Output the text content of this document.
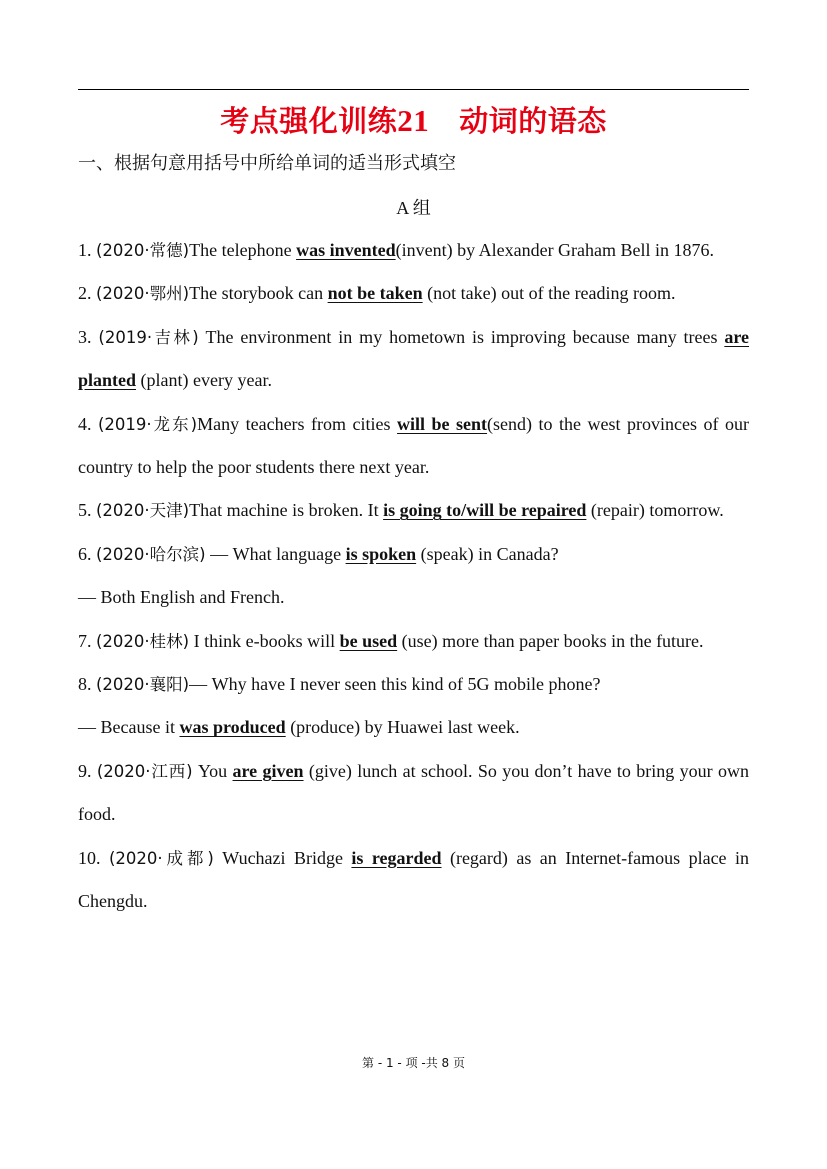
考点强化训练21 动词的语态
一、根据句意用括号中所给单词的适当形式填空
A 组

1. (2020·常德)The telephone was invented(invent) by Alexander Graham Bell in 1876.

2. (2020·鄂州)The storybook can not be taken (not take) out of the reading room.

3. (2019·吉林) The environment in my hometown is improving because many trees are planted (plant) every year.

4. (2019·龙东)Many teachers from cities will be sent(send) to the west provinces of our country to help the poor students there next year.

5. (2020·天津)That machine is broken. It is going to/will be repaired (repair) tomorrow.

6. (2020·哈尔滨) — What language is spoken (speak) in Canada?

— Both English and French.

7. (2020·桂林) I think e-books will be used (use) more than paper books in the future.

8. (2020·襄阳)— Why have I never seen this kind of 5G mobile phone?

— Because it was produced (produce) by Huawei last week.

9. (2020·江西) You are given (give) lunch at school. So you don’t have to bring your own food.

10. (2020·成都) Wuchazi Bridge is regarded (regard) as an Internet-famous place in Chengdu.

第 - 1 - 项 -共 8 页
